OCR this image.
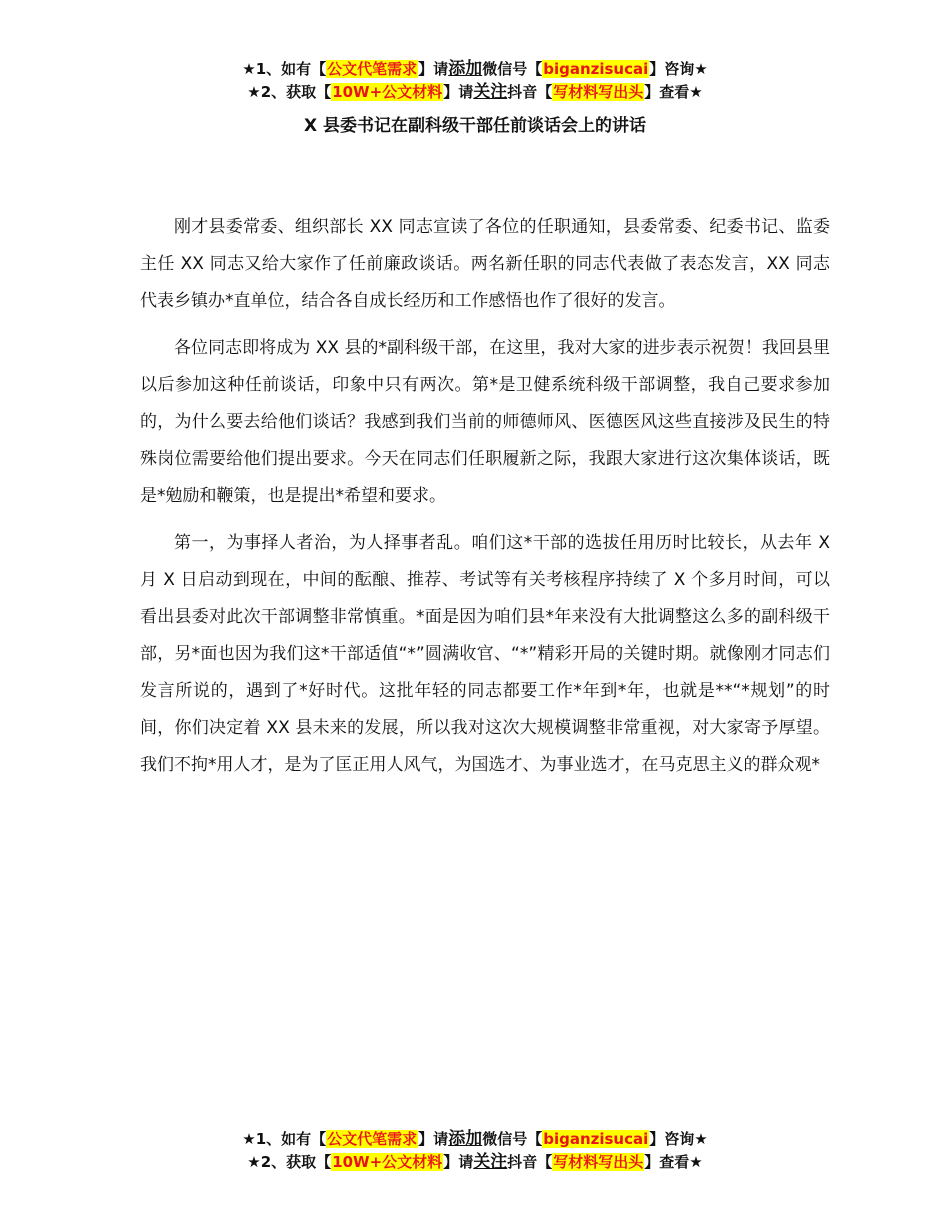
★1、如有【公文代笔需求】请添加微信号【biganzisucai】咨询★
★2、获取【10W+公文材料】请关注抖音【写材料写出头】查看★
X 县委书记在副科级干部任前谈话会上的讲话

刚才县委常委、组织部长 XX 同志宣读了各位的任职通知，县委常委、纪委书记、监委主任 XX 同志又给大家作了任前廉政谈话。两名新任职的同志代表做了表态发言，XX 同志代表乡镇办*直单位，结合各自成长经历和工作感悟也作了很好的发言。

各位同志即将成为 XX 县的*副科级干部，在这里，我对大家的进步表示祝贺！我回县里以后参加这种任前谈话，印象中只有两次。第*是卫健系统科级干部调整，我自己要求参加的，为什么要去给他们谈话？我感到我们当前的师德师风、医德医风这些直接涉及民生的特殊岗位需要给他们提出要求。今天在同志们任职履新之际，我跟大家进行这次集体谈话，既是*勉励和鞭策，也是提出*希望和要求。

第一，为事择人者治，为人择事者乱。咱们这*干部的选拔任用历时比较长，从去年 X 月 X 日启动到现在，中间的酝酿、推荐、考试等有关考核程序持续了 X 个多月时间，可以看出县委对此次干部调整非常慎重。*面是因为咱们县*年来没有大批调整这么多的副科级干部，另*面也因为我们这*干部适值“*”圆满收官、“*”精彩开局的关键时期。就像刚才同志们发言所说的，遇到了*好时代。这批年轻的同志都要工作*年到*年，也就是**“*规划”的时间，你们决定着 XX 县未来的发展，所以我对这次大规模调整非常重视，对大家寄予厚望。我们不拘*用人才，是为了匡正用人风气，为国选才、为事业选才，在马克思主义的群众观*

★1、如有【公文代笔需求】请添加微信号【biganzisucai】咨询★
★2、获取【10W+公文材料】请关注抖音【写材料写出头】查看★
